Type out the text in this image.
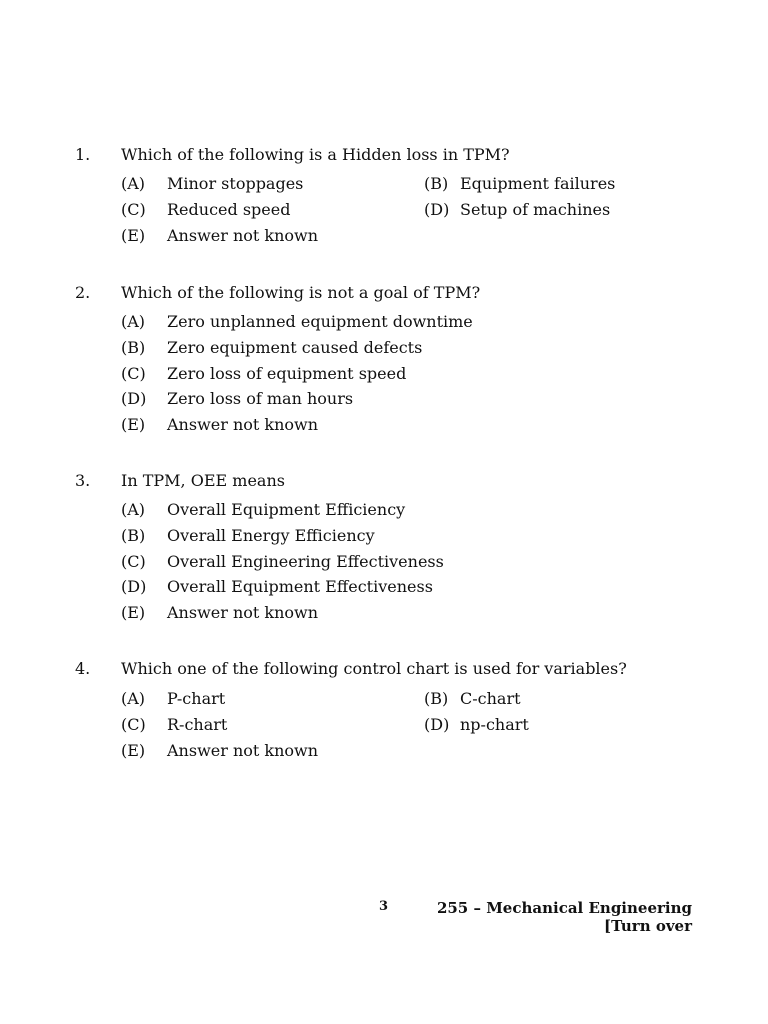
1. Which of the following is a Hidden loss in TPM?
(A) Minor stoppages	(B) Equipment failures
(C) Reduced speed	(D) Setup of machines
(E) Answer not known
2. Which of the following is not a goal of TPM?
(A) Zero unplanned equipment downtime
(B) Zero equipment caused defects
(C) Zero loss of equipment speed
(D) Zero loss of man hours
(E) Answer not known
3. In TPM, OEE means
(A) Overall Equipment Efficiency
(B) Overall Energy Efficiency
(C) Overall Engineering Effectiveness
(D) Overall Equipment Effectiveness
(E) Answer not known
4. Which one of the following control chart is used for variables?
(A) P-chart	(B) C-chart
(C) R-chart	(D) np-chart
(E) Answer not known
3	255 – Mechanical Engineering
[Turn over
